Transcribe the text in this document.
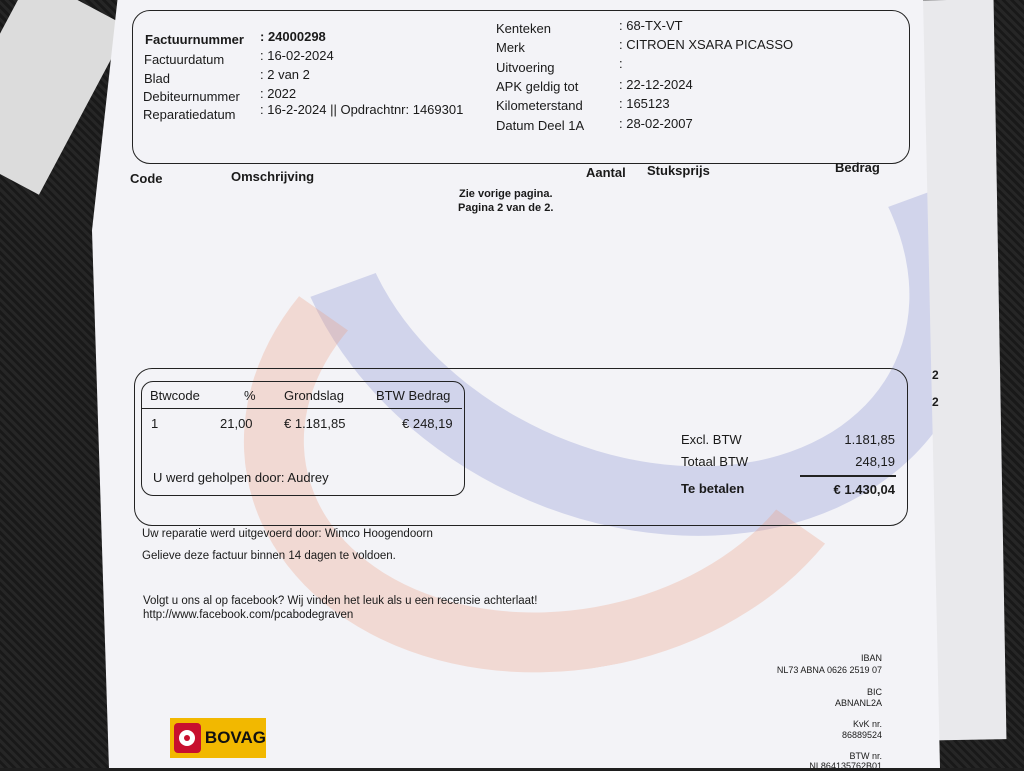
2
2
Factuurnummer : 24000298
Factuurdatum	: 16-02-2024
Blad	: 2 van 2
Debiteurnummer : 2022
Reparatiedatum : 16-2-2024 || Opdrachtnr: 1469301
Kenteken	: 68-TX-VT
Merk	: CITROEN XSARA PICASSO
Uitvoering	:
APK geldig tot	: 22-12-2024
Kilometerstand	: 165123
Datum Deel 1A	: 28-02-2007
Code	Omschrijving	Aantal Stuksprijs	Bedrag
Zie vorige pagina.
Pagina 2 van de 2.
Btwcode	% Grondslag BTW Bedrag
1	21,00 € 1.181,85	€ 248,19
U werd geholpen door: Audrey
Excl. BTW	1.181,85
Totaal BTW	248,19
Te betalen	€ 1.430,04
Uw reparatie werd uitgevoerd door: Wimco Hoogendoorn
Gelieve deze factuur binnen 14 dagen te voldoen.
Volgt u ons al op facebook? Wij vinden het leuk als u een recensie achterlaat!
http://www.facebook.com/pcabodegraven
IBAN
NL73 ABNA 0626 2519 07
BIC
ABNANL2A
KvK nr.
86889524
BTW nr.
NL864135762B01
BOVAG
